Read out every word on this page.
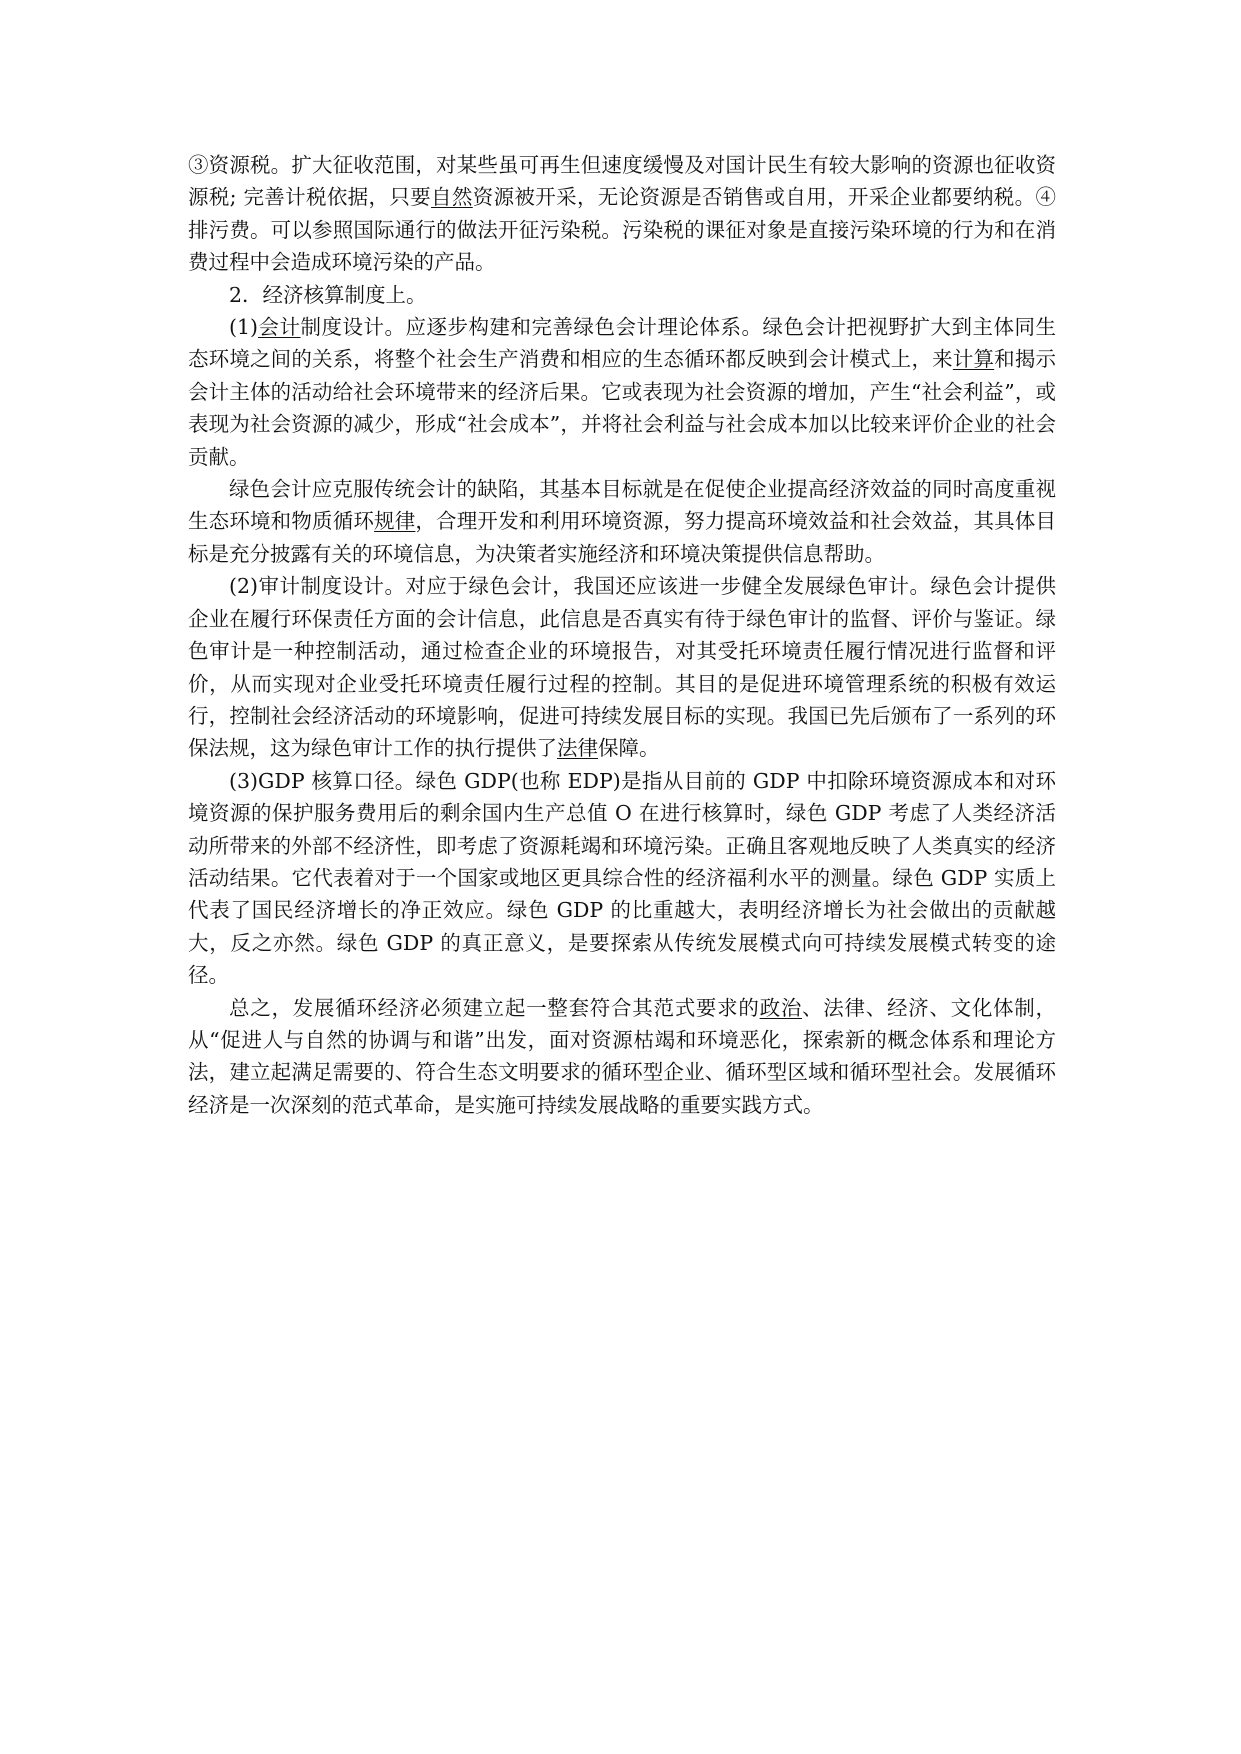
③资源税。扩大征收范围，对某些虽可再生但速度缓慢及对国计民生有较大影响的资源也征收资源税; 完善计税依据，只要自然资源被开采，无论资源是否销售或自用，开采企业都要纳税。④排污费。可以参照国际通行的做法开征污染税。污染税的课征对象是直接污染环境的行为和在消费过程中会造成环境污染的产品。

2．经济核算制度上。

(1)会计制度设计。应逐步构建和完善绿色会计理论体系。绿色会计把视野扩大到主体同生态环境之间的关系，将整个社会生产消费和相应的生态循环都反映到会计模式上，来计算和揭示会计主体的活动给社会环境带来的经济后果。它或表现为社会资源的增加，产生“社会利益”，或表现为社会资源的减少，形成“社会成本”，并将社会利益与社会成本加以比较来评价企业的社会贡献。

绿色会计应克服传统会计的缺陷，其基本目标就是在促使企业提高经济效益的同时高度重视生态环境和物质循环规律，合理开发和利用环境资源，努力提高环境效益和社会效益，其具体目标是充分披露有关的环境信息，为决策者实施经济和环境决策提供信息帮助。

(2)审计制度设计。对应于绿色会计，我国还应该进一步健全发展绿色审计。绿色会计提供企业在履行环保责任方面的会计信息，此信息是否真实有待于绿色审计的监督、评价与鉴证。绿色审计是一种控制活动，通过检查企业的环境报告，对其受托环境责任履行情况进行监督和评价，从而实现对企业受托环境责任履行过程的控制。其目的是促进环境管理系统的积极有效运行，控制社会经济活动的环境影响，促进可持续发展目标的实现。我国已先后颁布了一系列的环保法规，这为绿色审计工作的执行提供了法律保障。

(3)GDP 核算口径。绿色 GDP(也称 EDP)是指从目前的 GDP 中扣除环境资源成本和对环境资源的保护服务费用后的剩余国内生产总值 O 在进行核算时，绿色 GDP 考虑了人类经济活动所带来的外部不经济性，即考虑了资源耗竭和环境污染。正确且客观地反映了人类真实的经济活动结果。它代表着对于一个国家或地区更具综合性的经济福利水平的测量。绿色 GDP 实质上代表了国民经济增长的净正效应。绿色 GDP 的比重越大，表明经济增长为社会做出的贡献越大，反之亦然。绿色 GDP 的真正意义，是要探索从传统发展模式向可持续发展模式转变的途径。

总之，发展循环经济必须建立起一整套符合其范式要求的政治、法律、经济、文化体制，从“促进人与自然的协调与和谐”出发，面对资源枯竭和环境恶化，探索新的概念体系和理论方法，建立起满足需要的、符合生态文明要求的循环型企业、循环型区域和循环型社会。发展循环经济是一次深刻的范式革命，是实施可持续发展战略的重要实践方式。
